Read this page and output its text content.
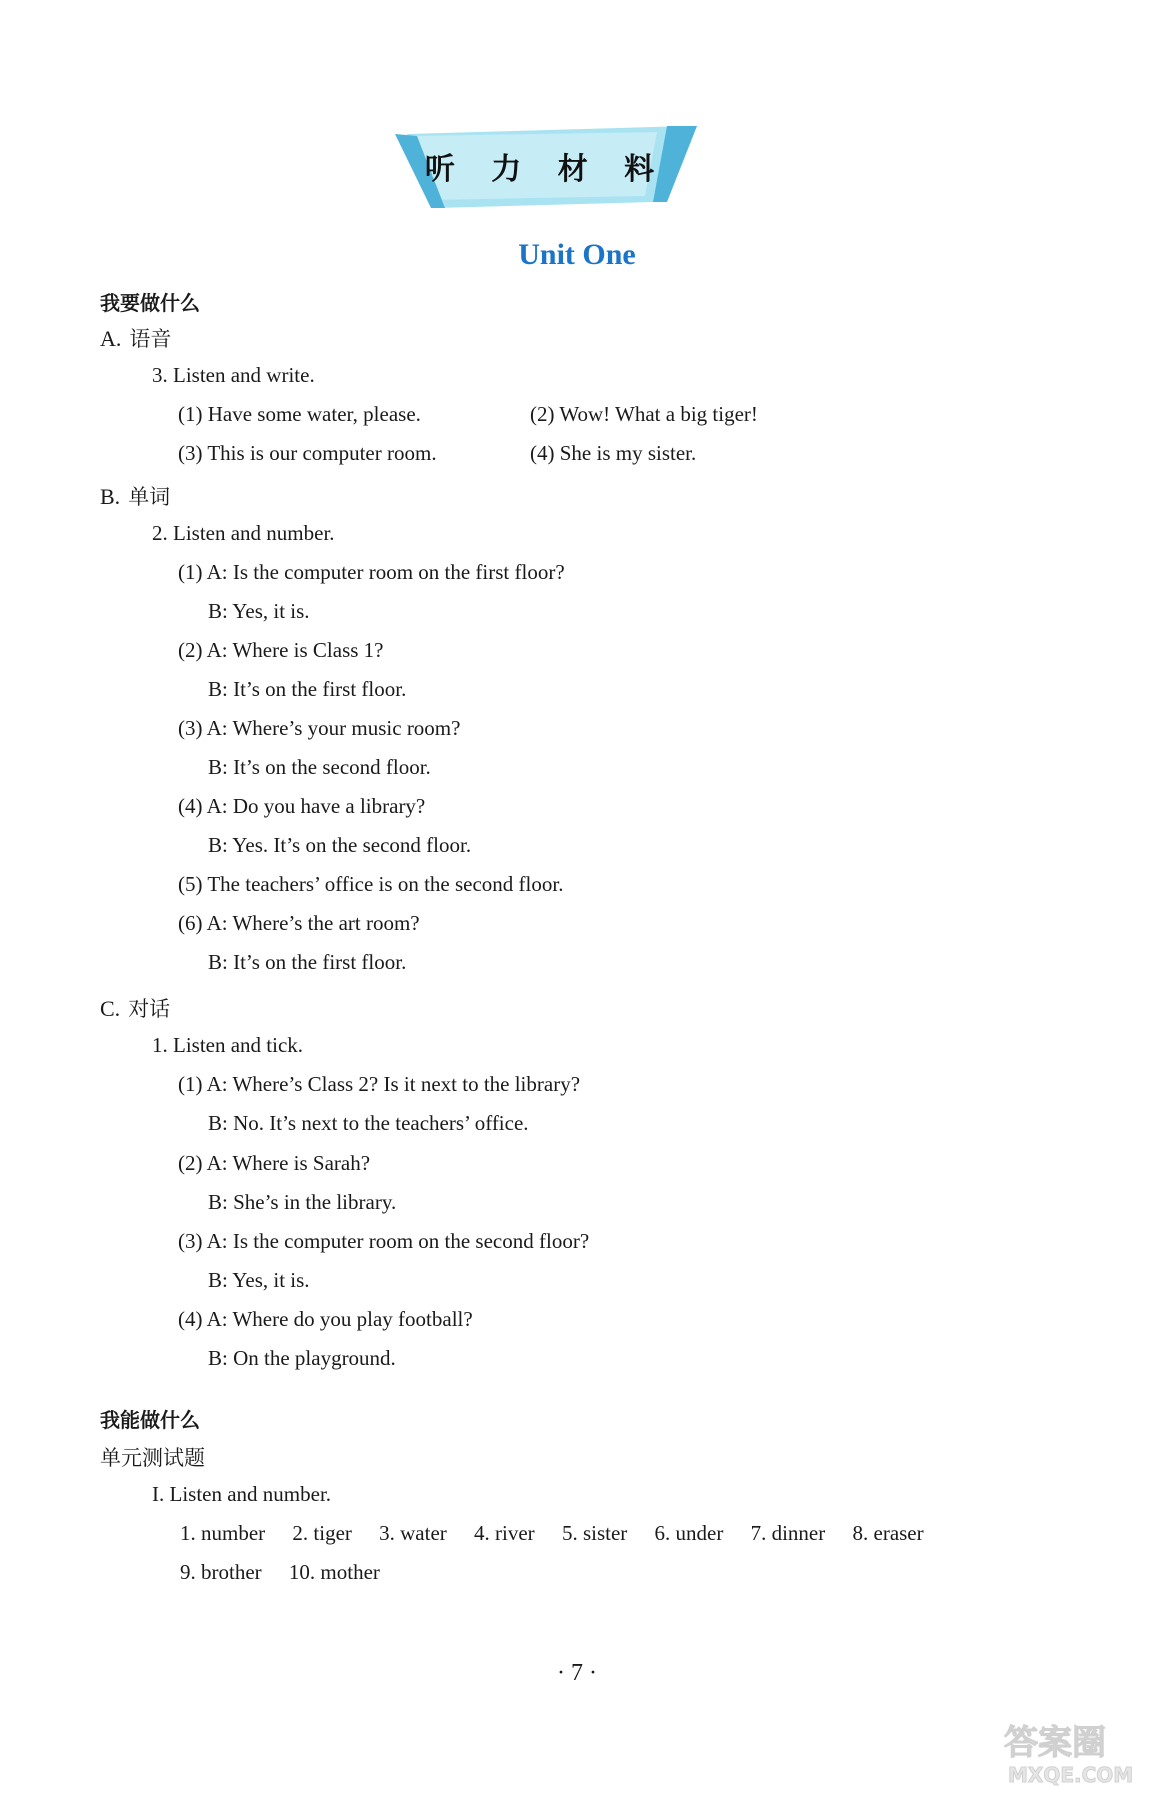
听 力 材 料
Unit One
我要做什么
A. 语音
3. Listen and write.
(1) Have some water, please.	(2) Wow! What a big tiger!
(3) This is our computer room.	(4) She is my sister.
B. 单词
2. Listen and number.
(1) A: Is the computer room on the first floor?
B: Yes, it is.
(2) A: Where is Class 1?
B: It’s on the first floor.
(3) A: Where’s your music room?
B: It’s on the second floor.
(4) A: Do you have a library?
B: Yes. It’s on the second floor.
(5) The teachers’ office is on the second floor.
(6) A: Where’s the art room?
B: It’s on the first floor.
C. 对话
1. Listen and tick.
(1) A: Where’s Class 2? Is it next to the library?
B: No. It’s next to the teachers’ office.
(2) A: Where is Sarah?
B: She’s in the library.
(3) A: Is the computer room on the second floor?
B: Yes, it is.
(4) A: Where do you play football?
B: On the playground.
我能做什么
单元测试题
I. Listen and number.
1. number 2. tiger 3. water 4. river 5. sister 6. under 7. dinner 8. eraser
9. brother 10. mother
· 7 ·
答案圈
MXQE.COM
